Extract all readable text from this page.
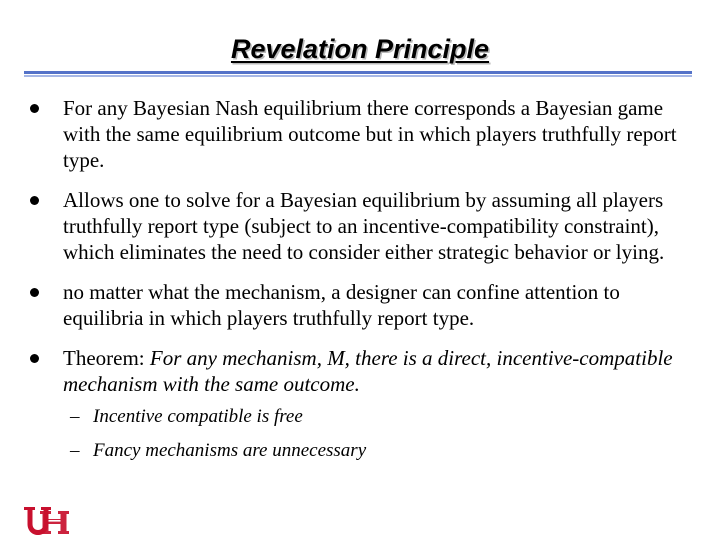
Revelation Principle
For any Bayesian Nash equilibrium there corresponds a Bayesian game with the same equilibrium outcome but in which players truthfully report type.
Allows one to solve for a Bayesian equilibrium by assuming all players truthfully report type (subject to an incentive-compatibility constraint), which eliminates the need to consider either strategic behavior or lying.
no matter what the mechanism, a designer can confine attention to equilibria in which players truthfully report type.
Theorem: For any mechanism, M, there is a direct, incentive-compatible mechanism with the same outcome.
– Incentive compatible is free
– Fancy mechanisms are unnecessary
